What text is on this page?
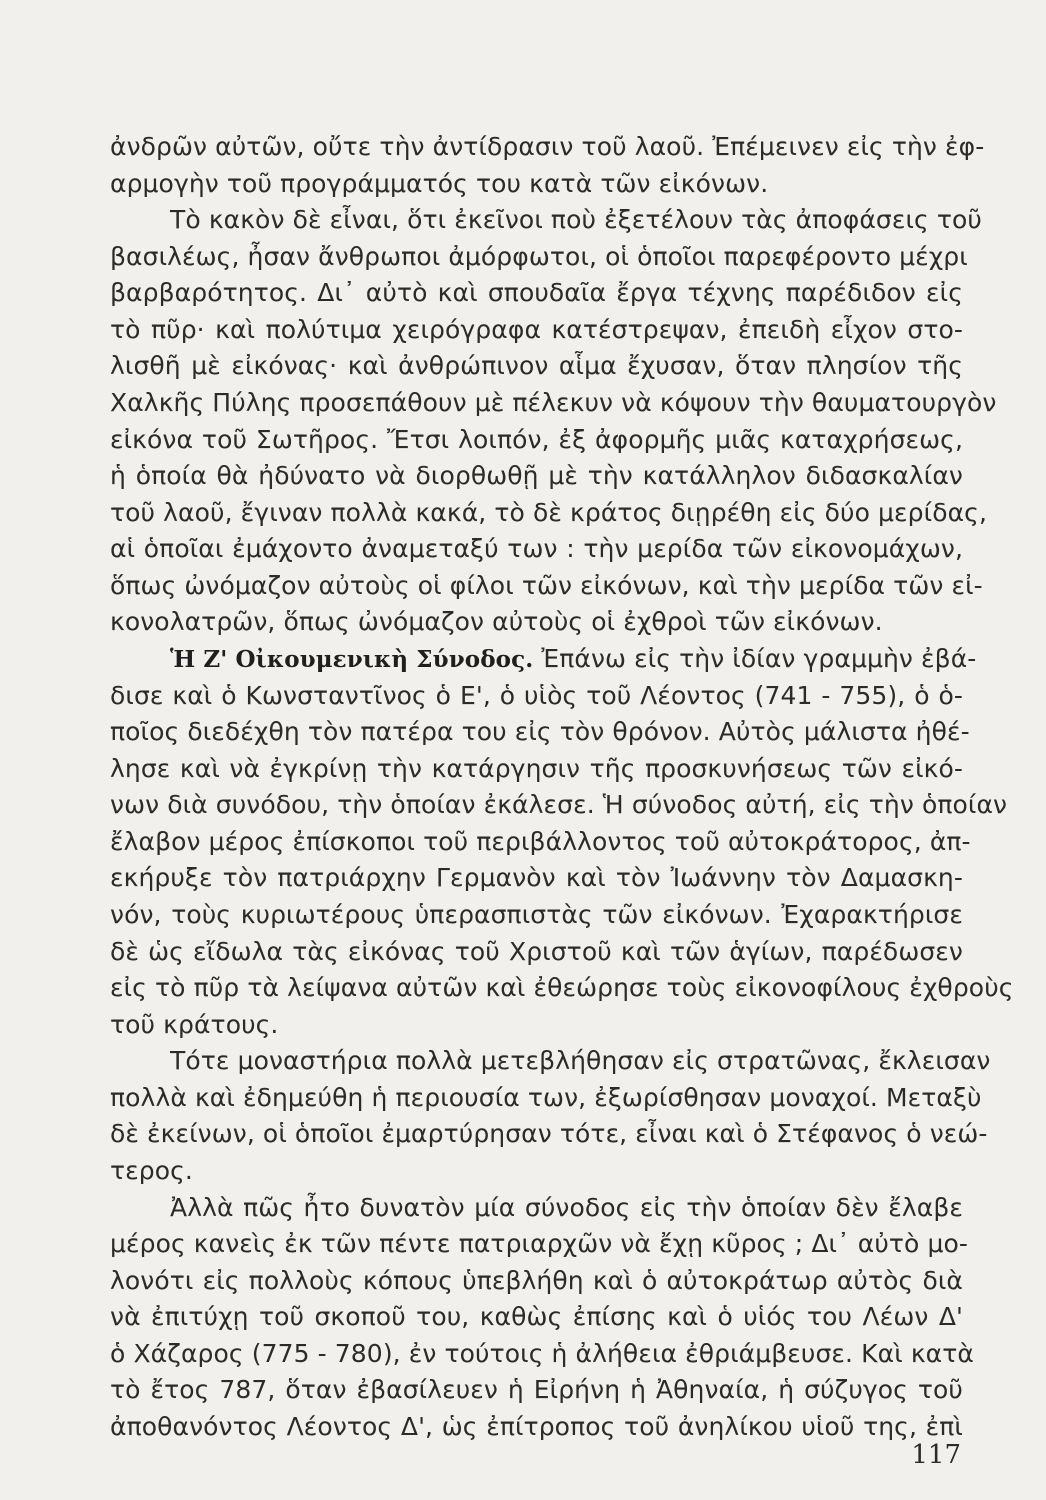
ἀνδρῶν αὐτῶν, οὔτε τὴν ἀντίδρασιν τοῦ λαοῦ. Ἐπέμεινεν εἰς τὴν ἐφ-
αρμογὴν τοῦ προγράμματός του κατὰ τῶν εἰκόνων.
Τὸ κακὸν δὲ εἶναι, ὅτι ἐκεῖνοι ποὺ ἐξετέλουν τὰς ἀποφάσεις τοῦ
βασιλέως, ἦσαν ἄνθρωποι ἀμόρφωτοι, οἱ ὁποῖοι παρεφέροντο μέχρι
βαρβαρότητος. Δι᾽ αὐτὸ καὶ σπουδαῖα ἔργα τέχνης παρέδιδον εἰς
τὸ πῦρ· καὶ πολύτιμα χειρόγραφα κατέστρεψαν, ἐπειδὴ εἶχον στο-
λισθῆ μὲ εἰκόνας· καὶ ἀνθρώπινον αἷμα ἔχυσαν, ὅταν πλησίον τῆς
Χαλκῆς Πύλης προσεπάθουν μὲ πέλεκυν νὰ κόψουν τὴν θαυματουργὸν
εἰκόνα τοῦ Σωτῆρος. Ἔτσι λοιπόν, ἐξ ἀφορμῆς μιᾶς καταχρήσεως,
ἡ ὁποία θὰ ἠδύνατο νὰ διορθωθῇ μὲ τὴν κατάλληλον διδασκαλίαν
τοῦ λαοῦ, ἔγιναν πολλὰ κακά, τὸ δὲ κράτος διῃρέθη εἰς δύο μερίδας,
αἱ ὁποῖαι ἐμάχοντο ἀναμεταξύ των : τὴν μερίδα τῶν εἰκονομάχων,
ὅπως ὠνόμαζον αὐτοὺς οἱ φίλοι τῶν εἰκόνων, καὶ τὴν μερίδα τῶν εἰ-
κονολατρῶν, ὅπως ὠνόμαζον αὐτοὺς οἱ ἐχθροὶ τῶν εἰκόνων.
Ἡ Ζ' Οἰκουμενικὴ Σύνοδος. Ἐπάνω εἰς τὴν ἰδίαν γραμμὴν ἐβά-
δισε καὶ ὁ Κωνσταντῖνος ὁ Ε', ὁ υἱὸς τοῦ Λέοντος (741 - 755), ὁ ὁ-
ποῖος διεδέχθη τὸν πατέρα του εἰς τὸν θρόνον. Αὐτὸς μάλιστα ἠθέ-
λησε καὶ νὰ ἐγκρίνῃ τὴν κατάργησιν τῆς προσκυνήσεως τῶν εἰκό-
νων διὰ συνόδου, τὴν ὁποίαν ἐκάλεσε. Ἡ σύνοδος αὐτή, εἰς τὴν ὁποίαν
ἔλαβον μέρος ἐπίσκοποι τοῦ περιβάλλοντος τοῦ αὐτοκράτορος, ἀπ-
εκήρυξε τὸν πατριάρχην Γερμανὸν καὶ τὸν Ἰωάννην τὸν Δαμασκη-
νόν, τοὺς κυριωτέρους ὑπερασπιστὰς τῶν εἰκόνων. Ἐχαρακτήρισε
δὲ ὡς εἴδωλα τὰς εἰκόνας τοῦ Χριστοῦ καὶ τῶν ἁγίων, παρέδωσεν
εἰς τὸ πῦρ τὰ λείψανα αὐτῶν καὶ ἐθεώρησε τοὺς εἰκονοφίλους ἐχθροὺς
τοῦ κράτους.
Τότε μοναστήρια πολλὰ μετεβλήθησαν εἰς στρατῶνας, ἔκλεισαν
πολλὰ καὶ ἐδημεύθη ἡ περιουσία των, ἐξωρίσθησαν μοναχοί. Μεταξὺ
δὲ ἐκείνων, οἱ ὁποῖοι ἐμαρτύρησαν τότε, εἶναι καὶ ὁ Στέφανος ὁ νεώ-
τερος.
Ἀλλὰ πῶς ἦτο δυνατὸν μία σύνοδος εἰς τὴν ὁποίαν δὲν ἔλαβε
μέρος κανεὶς ἐκ τῶν πέντε πατριαρχῶν νὰ ἔχῃ κῦρος ; Δι᾽ αὐτὸ μο-
λονότι εἰς πολλοὺς κόπους ὑπεβλήθη καὶ ὁ αὐτοκράτωρ αὐτὸς διὰ
νὰ ἐπιτύχῃ τοῦ σκοποῦ του, καθὼς ἐπίσης καὶ ὁ υἱός του Λέων Δ'
ὁ Χάζαρος (775 - 780), ἐν τούτοις ἡ ἀλήθεια ἐθριάμβευσε. Καὶ κατὰ
τὸ ἔτος 787, ὅταν ἐβασίλευεν ἡ Εἰρήνη ἡ Ἀθηναία, ἡ σύζυγος τοῦ
ἀποθανόντος Λέοντος Δ', ὡς ἐπίτροπος τοῦ ἀνηλίκου υἱοῦ της, ἐπὶ
117
